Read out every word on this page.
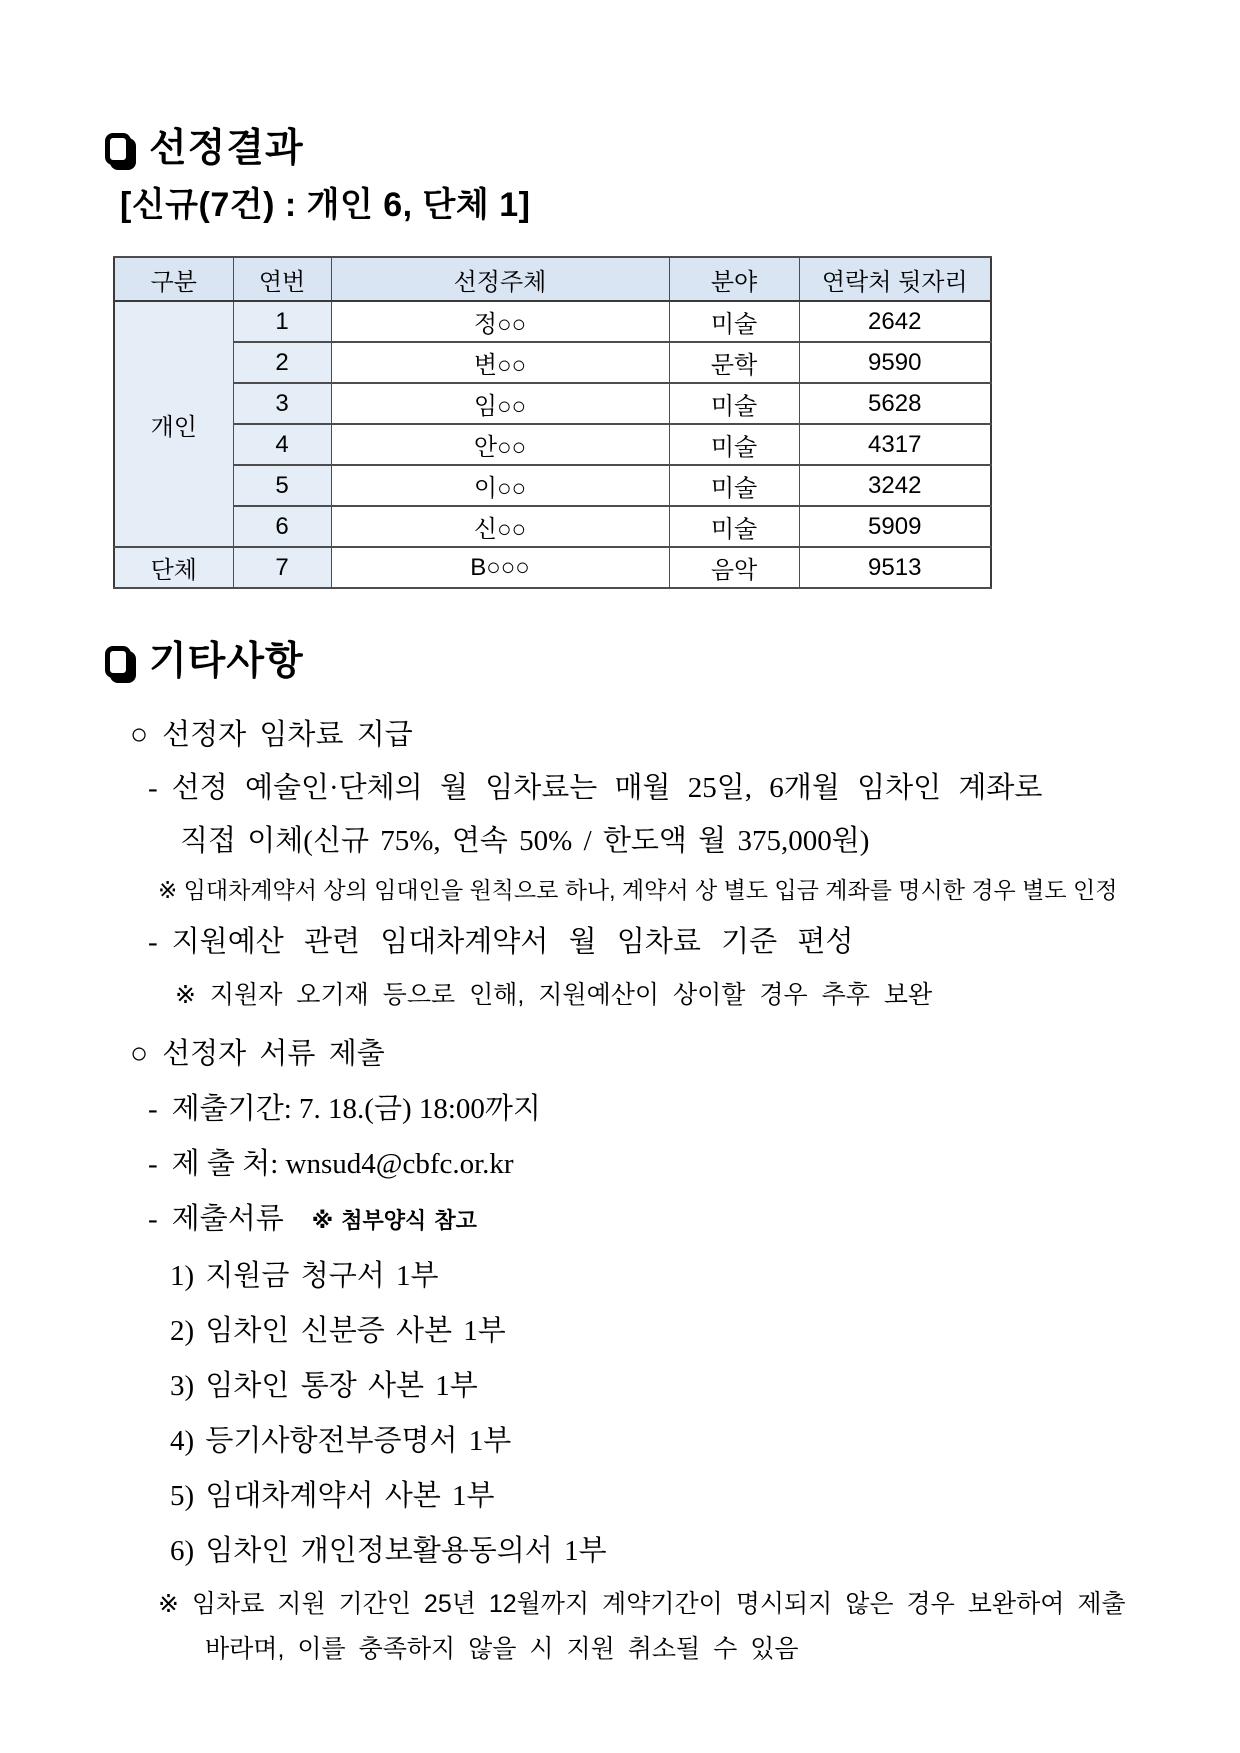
선정결과
[신규(7건) : 개인 6, 단체 1]
구분	연번	선정주체	분야	연락처 뒷자리
개인	1	정○○	미술	2642
	2	변○○	문학	9590
	3	임○○	미술	5628
	4	안○○	미술	4317
	5	이○○	미술	3242
	6	신○○	미술	5909
단체	7	B○○○	음악	9513
기타사항
○ 선정자 임차료 지급
- 선정 예술인·단체의 월 임차료는 매월 25일, 6개월 임차인 계좌로
직접 이체(신규 75%, 연속 50% / 한도액 월 375,000원)
※ 임대차계약서 상의 임대인을 원칙으로 하나, 계약서 상 별도 입금 계좌를 명시한 경우 별도 인정
- 지원예산 관련 임대차계약서 월 임차료 기준 편성
※ 지원자 오기재 등으로 인해, 지원예산이 상이할 경우 추후 보완
○ 선정자 서류 제출
- 제출기간: 7. 18.(금) 18:00까지
- 제 출 처: wnsud4@cbfc.or.kr
- 제출서류 ※ 첨부양식 참고
1) 지원금 청구서 1부
2) 임차인 신분증 사본 1부
3) 임차인 통장 사본 1부
4) 등기사항전부증명서 1부
5) 임대차계약서 사본 1부
6) 임차인 개인정보활용동의서 1부
※ 임차료 지원 기간인 25년 12월까지 계약기간이 명시되지 않은 경우 보완하여 제출
바라며, 이를 충족하지 않을 시 지원 취소될 수 있음
